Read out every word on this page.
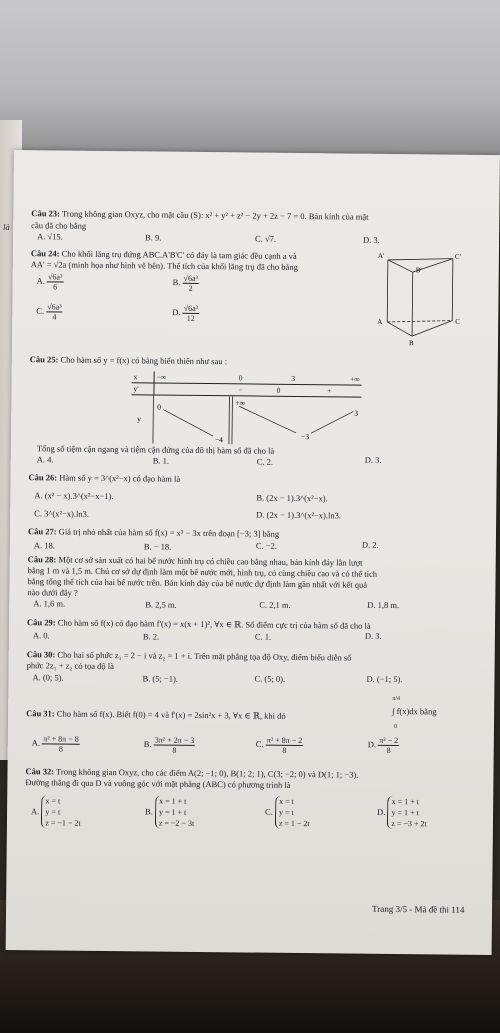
là
Câu 23: Trong không gian Oxyz, cho mặt cầu (S): x² + y² + z² − 2y + 2z − 7 = 0. Bán kính của mặt
cầu đã cho bằng
A. √15.	B. 9.	C. √7.	D. 3.
Câu 24: Cho khối lăng trụ đứng ABC.A'B'C' có đáy là tam giác đều cạnh a và
AA' = √2a (minh họa như hình vẽ bên). Thể tích của khối lăng trụ đã cho bằng
A. $\frac{\text{√6a³}}{6}$	B. $\frac{\text{√6a³}}{2}$
C. $\frac{\text{√6a³}}{4}$	D. $\frac{\text{√6a³}}{12}$
A'	C'
B'
A	C
B
Câu 25: Cho hàm số y = f(x) có bảng biến thiên như sau :
x	−∞	0	3	+∞
y'		−	0	+
y
0	+∞
3
−4	−3
Tổng số tiệm cận ngang và tiệm cận đứng của đồ thị hàm số đã cho là
A. 4.	B. 1.	C. 2.	D. 3.
Câu 26: Hàm số y = 3^(x²−x) có đạo hàm là
A. (x² − x).3^(x²−x−1).	B. (2x − 1).3^(x²−x).
C. 3^(x²−x).ln3.	D. (2x − 1).3^(x²−x).ln3.
Câu 27: Giá trị nhỏ nhất của hàm số f(x) = x³ − 3x trên đoạn [−3; 3] bằng
A. 18.	B. − 18.	C. −2.	D. 2.
Câu 28: Một cơ sở sản xuất có hai bể nước hình trụ có chiều cao bằng nhau, bán kính đáy lần lượt
bằng 1 m và 1,5 m. Chủ cơ sở dự định làm một bể nước mới, hình trụ, có cùng chiều cao và có thể tích
bằng tổng thể tích của hai bể nước trên. Bán kính đáy của bể nước dự định làm gần nhất với kết quả
nào dưới đây ?
A. 1,6 m.	B. 2,5 m.	C. 2,1 m.	D. 1,8 m.
Câu 29: Cho hàm số f(x) có đạo hàm f'(x) = x(x + 1)², ∀x ∈ ℝ. Số điểm cực trị của hàm số đã cho là
A. 0.	B. 2.	C. 1.	D. 3.
Câu 30: Cho hai số phức z₁ = 2 − i và z₂ = 1 + i. Trên mặt phẳng tọa độ Oxy, điểm biểu diễn số
phức 2z₁ + z₂ có tọa độ là
A. (0; 5).	B. (5; −1).	C. (5; 0).	D. (−1; 5).
Câu 31: Cho hàm số f(x). Biết f(0) = 4 và f'(x) = 2sin²x + 3, ∀x ∈ ℝ, khi đó
π/4
∫ f(x)dx bằng
0
A. $\frac{\text{π² + 8π − 8}}{8}$	B. $\frac{\text{3π² + 2π − 3}}{8}$	C. $\frac{\text{π² + 8π − 2}}{8}$	D. $\frac{\text{π² − 2}}{8}$
Câu 32: Trong không gian Oxyz, cho các điểm A(2; −1; 0), B(1; 2; 1), C(3; −2; 0) và D(1; 1; −3).
Đường thẳng đi qua D và vuông góc với mặt phẳng (ABC) có phương trình là
A.
x = t
y = t
z = −1 − 2t
B.
x = 1 + t
y = 1 + t
z = −2 − 3t
C.
x = t
y = t
z = 1 − 2t
D.
x = 1 + t
y = 1 + t
z = −3 + 2t
Trang 3/5 - Mã đề thi 114
